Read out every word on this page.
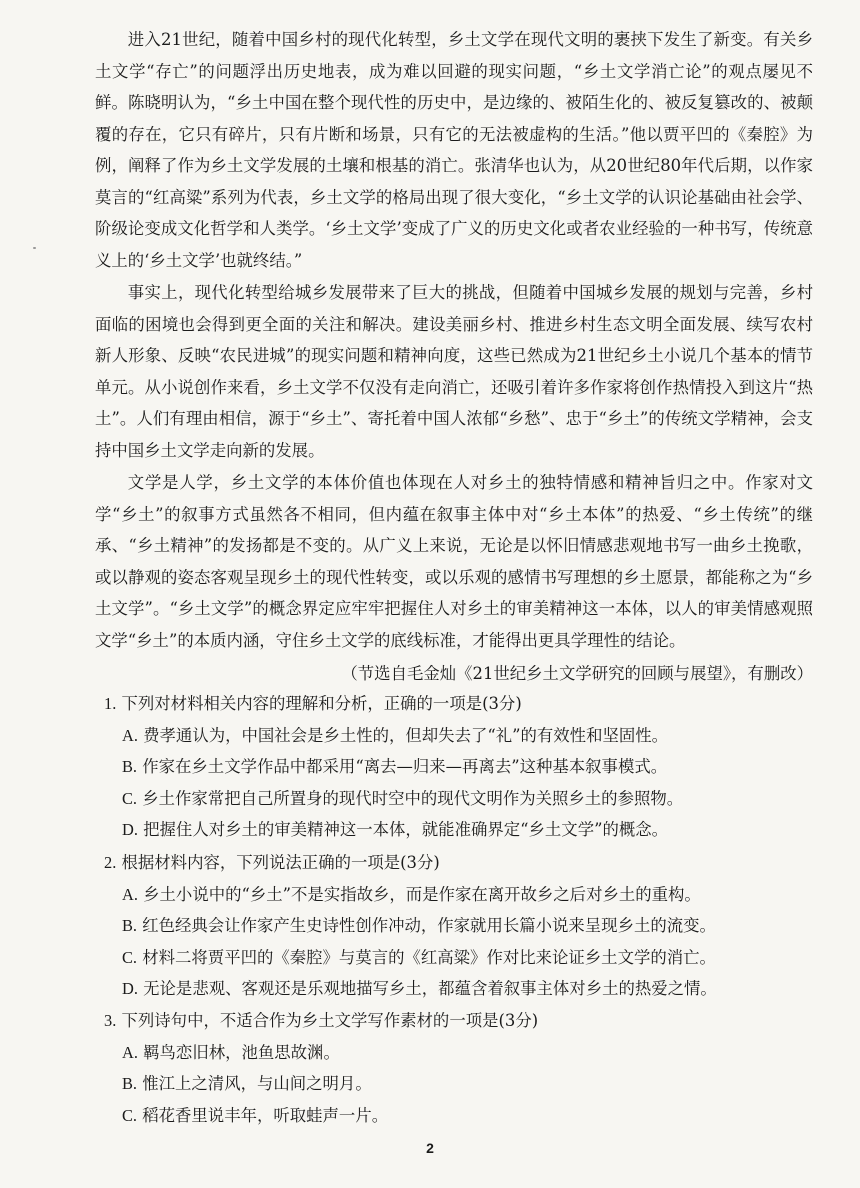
进入21世纪，随着中国乡村的现代化转型，乡土文学在现代文明的裹挟下发生了新变。有关乡土文学“存亡”的问题浮出历史地表，成为难以回避的现实问题，“乡土文学消亡论”的观点屡见不鲜。陈晓明认为，“乡土中国在整个现代性的历史中，是边缘的、被陌生化的、被反复篡改的、被颠覆的存在，它只有碎片，只有片断和场景，只有它的无法被虚构的生活。”他以贾平凹的《秦腔》为例，阐释了作为乡土文学发展的土壤和根基的消亡。张清华也认为，从20世纪80年代后期，以作家莫言的“红高粱”系列为代表，乡土文学的格局出现了很大变化，“乡土文学的认识论基础由社会学、阶级论变成文化哲学和人类学。‘乡土文学’变成了广义的历史文化或者农业经验的一种书写，传统意义上的‘乡土文学’也就终结。”

事实上，现代化转型给城乡发展带来了巨大的挑战，但随着中国城乡发展的规划与完善，乡村面临的困境也会得到更全面的关注和解决。建设美丽乡村、推进乡村生态文明全面发展、续写农村新人形象、反映“农民进城”的现实问题和精神向度，这些已然成为21世纪乡土小说几个基本的情节单元。从小说创作来看，乡土文学不仅没有走向消亡，还吸引着许多作家将创作热情投入到这片“热土”。人们有理由相信，源于“乡土”、寄托着中国人浓郁“乡愁”、忠于“乡土”的传统文学精神，会支持中国乡土文学走向新的发展。

文学是人学，乡土文学的本体价值也体现在人对乡土的独特情感和精神旨归之中。作家对文学“乡土”的叙事方式虽然各不相同，但内蕴在叙事主体中对“乡土本体”的热爱、“乡土传统”的继承、“乡土精神”的发扬都是不变的。从广义上来说，无论是以怀旧情感悲观地书写一曲乡土挽歌，或以静观的姿态客观呈现乡土的现代性转变，或以乐观的感情书写理想的乡土愿景，都能称之为“乡土文学”。“乡土文学”的概念界定应牢牢把握住人对乡土的审美精神这一本体，以人的审美情感观照文学“乡土”的本质内涵，守住乡土文学的底线标准，才能得出更具学理性的结论。

（节选自毛金灿《21世纪乡土文学研究的回顾与展望》，有删改）

1. 下列对材料相关内容的理解和分析，正确的一项是(3分)

A. 费孝通认为，中国社会是乡土性的，但却失去了“礼”的有效性和坚固性。

B. 作家在乡土文学作品中都采用“离去—归来—再离去”这种基本叙事模式。

C. 乡土作家常把自己所置身的现代时空中的现代文明作为关照乡土的参照物。

D. 把握住人对乡土的审美精神这一本体，就能准确界定“乡土文学”的概念。

2. 根据材料内容，下列说法正确的一项是(3分)

A. 乡土小说中的“乡土”不是实指故乡，而是作家在离开故乡之后对乡土的重构。

B. 红色经典会让作家产生史诗性创作冲动，作家就用长篇小说来呈现乡土的流变。

C. 材料二将贾平凹的《秦腔》与莫言的《红高粱》作对比来论证乡土文学的消亡。

D. 无论是悲观、客观还是乐观地描写乡土，都蕴含着叙事主体对乡土的热爱之情。

3. 下列诗句中，不适合作为乡土文学写作素材的一项是(3分)

A. 羁鸟恋旧林，池鱼思故渊。

B. 惟江上之清风，与山间之明月。

C. 稻花香里说丰年，听取蛙声一片。

2
